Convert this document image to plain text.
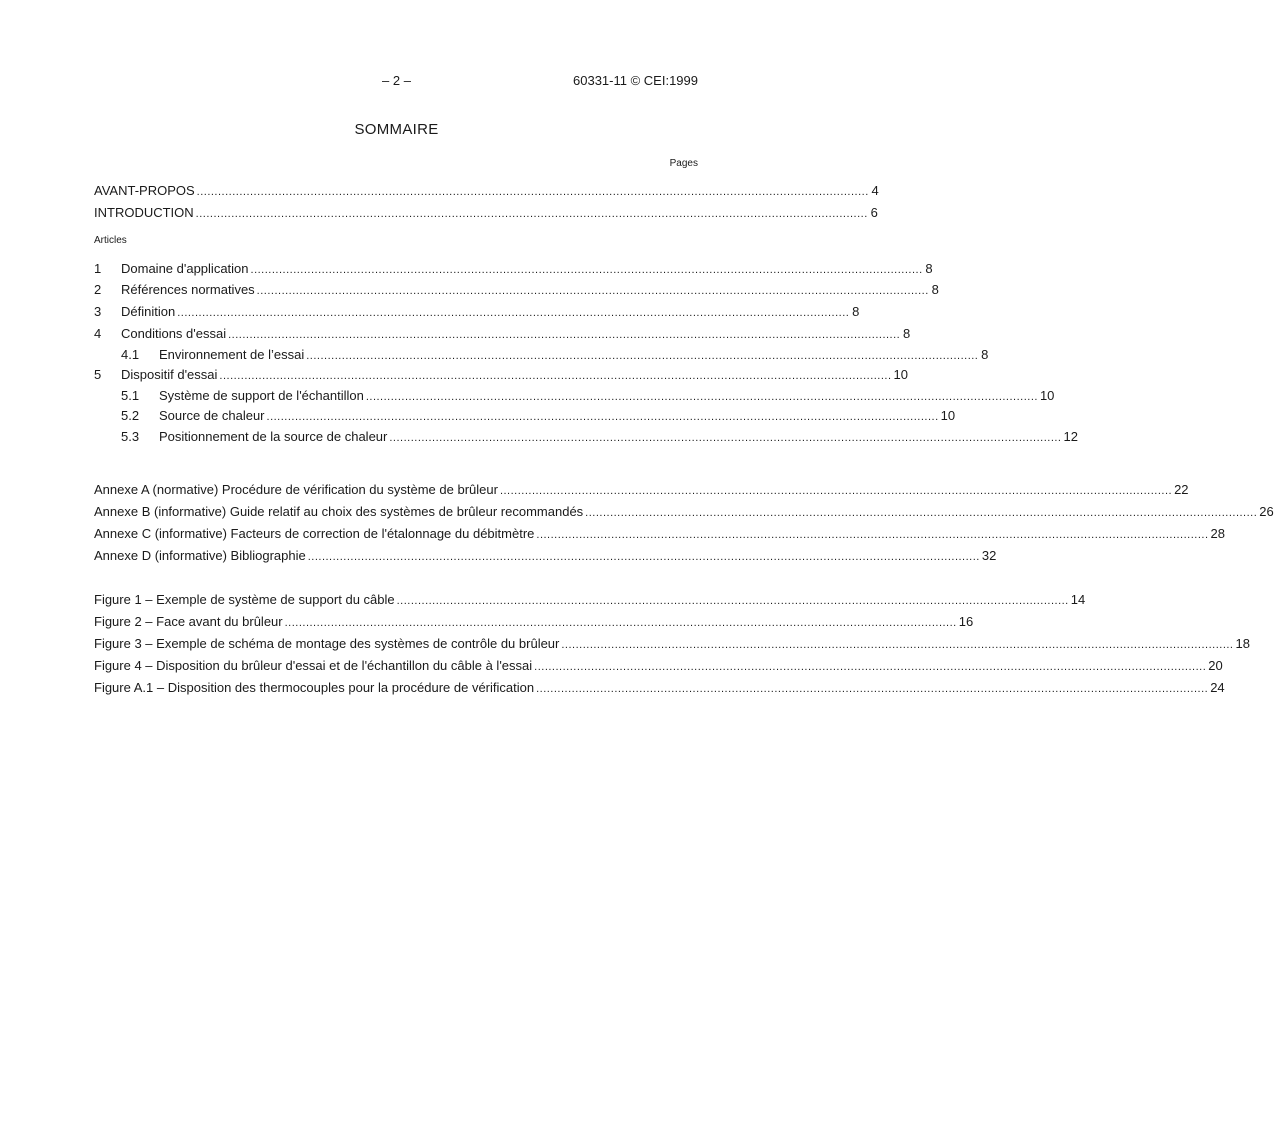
– 2 –	60331-11 © CEI:1999
SOMMAIRE
Pages
AVANT-PROPOS ............................................................................................................................................................................................. 4
INTRODUCTION ............................................................................................................................................................................................. 6
Articles
1	Domaine d'application ............................................................................................................................................................................................. 8
2	Références normatives ............................................................................................................................................................................................. 8
3	Définition ............................................................................................................................................................................................. 8
4	Conditions d'essai ............................................................................................................................................................................................. 8
4.1	Environnement de l’essai ............................................................................................................................................................................................. 8
5	Dispositif d'essai ............................................................................................................................................................................................. 10
5.1	Système de support de l'échantillon ............................................................................................................................................................................................. 10
5.2	Source de chaleur ............................................................................................................................................................................................. 10
5.3	Positionnement de la source de chaleur ............................................................................................................................................................................................. 12
Annexe A (normative) Procédure de vérification du système de brûleur ............................................................................................................................................................................................. 22
Annexe B (informative) Guide relatif au choix des systèmes de brûleur recommandés ............................................................................................................................................................................................. 26
Annexe C (informative) Facteurs de correction de l'étalonnage du débitmètre ............................................................................................................................................................................................. 28
Annexe D (informative) Bibliographie ............................................................................................................................................................................................. 32
Figure 1 – Exemple de système de support du câble ............................................................................................................................................................................................. 14
Figure 2 – Face avant du brûleur ............................................................................................................................................................................................. 16
Figure 3 – Exemple de schéma de montage des systèmes de contrôle du brûleur ............................................................................................................................................................................................. 18
Figure 4 – Disposition du brûleur d'essai et de l'échantillon du câble à l'essai ............................................................................................................................................................................................. 20
Figure A.1 – Disposition des thermocouples pour la procédure de vérification ............................................................................................................................................................................................. 24
